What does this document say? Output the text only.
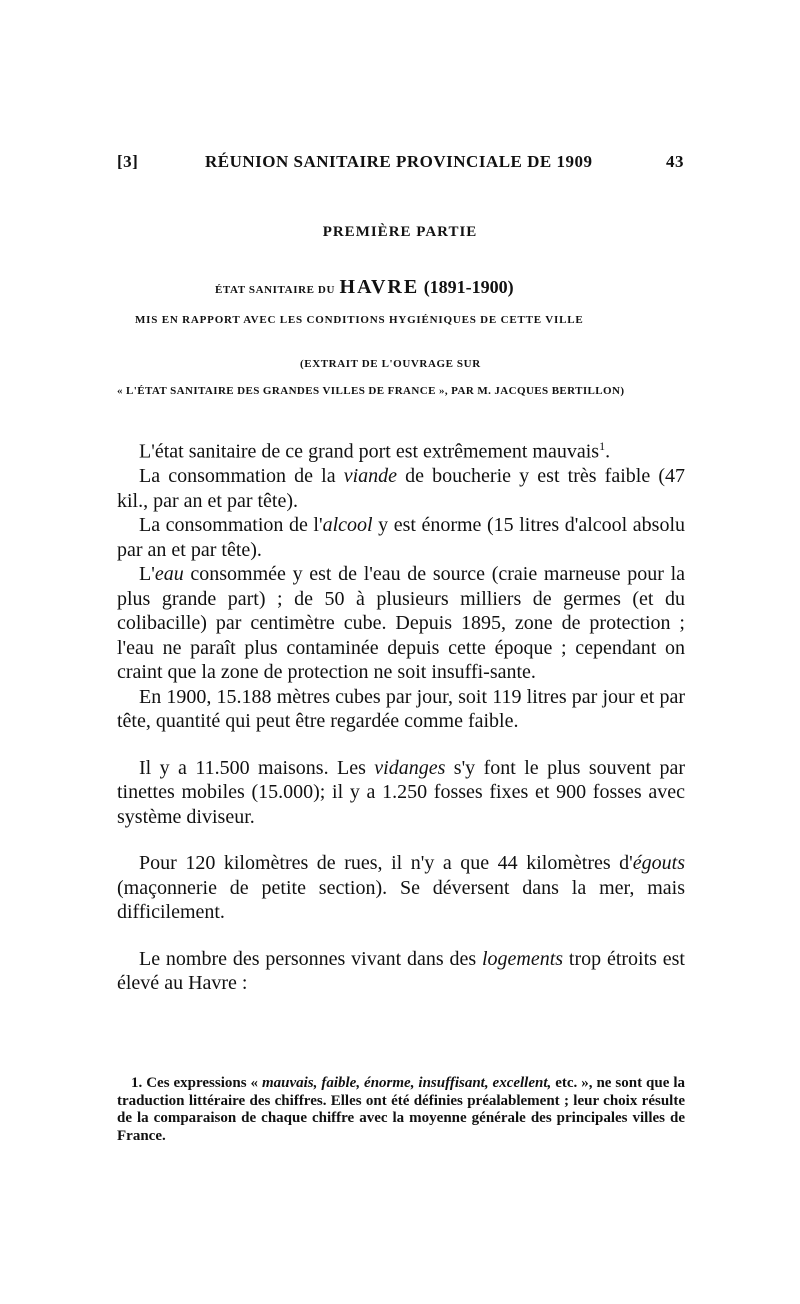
[3]	RÉUNION SANITAIRE PROVINCIALE DE 1909	43
PREMIÈRE PARTIE
ÉTAT SANITAIRE DU HAVRE (1891-1900)
MIS EN RAPPORT AVEC LES CONDITIONS HYGIÉNIQUES DE CETTE VILLE
(EXTRAIT DE L'OUVRAGE SUR
« L'ÉTAT SANITAIRE DES GRANDES VILLES DE FRANCE », PAR M. JACQUES BERTILLON)

L'état sanitaire de ce grand port est extrêmement mauvais$^1$.

La consommation de la viande de boucherie y est très faible (47 kil., par an et par tête).

La consommation de l'alcool y est énorme (15 litres d'alcool absolu par an et par tête).

L'eau consommée y est de l'eau de source (craie marneuse pour la plus grande part) ; de 50 à plusieurs milliers de germes (et du colibacille) par centimètre cube. Depuis 1895, zone de protection ; l'eau ne paraît plus contaminée depuis cette époque ; cependant on craint que la zone de protection ne soit insuffi-sante.

En 1900, 15.188 mètres cubes par jour, soit 119 litres par jour et par tête, quantité qui peut être regardée comme faible.

Il y a 11.500 maisons. Les vidanges s'y font le plus souvent par tinettes mobiles (15.000); il y a 1.250 fosses fixes et 900 fosses avec système diviseur.

Pour 120 kilomètres de rues, il n'y a que 44 kilomètres d'égouts (maçonnerie de petite section). Se déversent dans la mer, mais difficilement.

Le nombre des personnes vivant dans des logements trop étroits est élevé au Havre :

1. Ces expressions « mauvais, faible, énorme, insuffisant, excellent, etc. », ne sont que la traduction littéraire des chiffres. Elles ont été définies préalablement ; leur choix résulte de la comparaison de chaque chiffre avec la moyenne générale des principales villes de France.
